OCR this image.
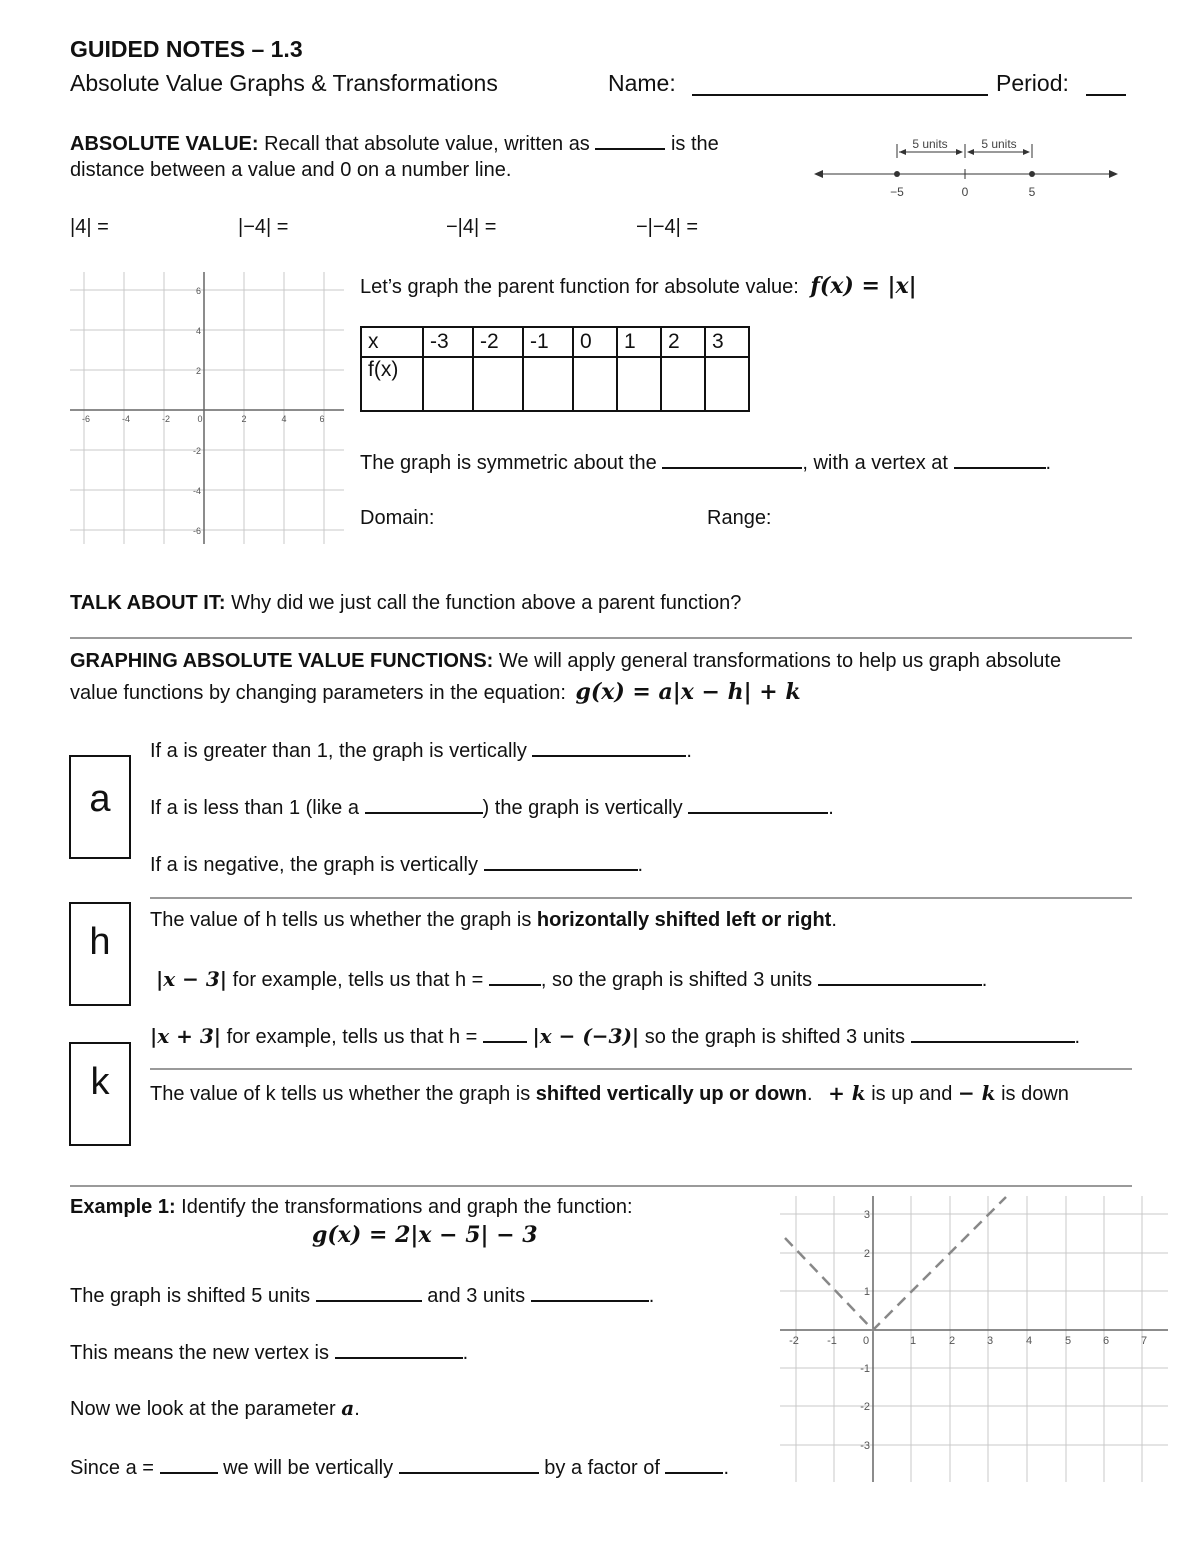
GUIDED NOTES – 1.3
Absolute Value Graphs & Transformations	Name:	Period:
ABSOLUTE VALUE: Recall that absolute value, written as	is the
distance between a value and 0 on a number line.
5 units	5 units
−5	0	5
|4| =	|−4| =	−|4| =	−|−4| =
-6	-4	-2	0	2	4	6
6
4
2
-2
-4
-6
Let’s graph the parent function for absolute value: f(x) = |x|
x	-3	-2	-1	0	1	2	3
f(x)							
The graph is symmetric about the	, with a vertex at	.
Domain:	Range:
TALK ABOUT IT: Why did we just call the function above a parent function?
GRAPHING ABSOLUTE VALUE FUNCTIONS: We will apply general transformations to help us graph absolute
value functions by changing parameters in the equation: g(x) = a|x − h| + k
a
If a is greater than 1, the graph is vertically	.
If a is less than 1 (like a	) the graph is vertically	.
If a is negative, the graph is vertically	.
h
The value of h tells us whether the graph is horizontally shifted left or right.
|x − 3| for example, tells us that h =	, so the graph is shifted 3 units	.
|x + 3| for example, tells us that h =	|x − (−3)| so the graph is shifted 3 units	.
k	The value of k tells us whether the graph is shifted vertically up or down. + k is up and − k is down
Example 1: Identify the transformations and graph the function:
g(x) = 2|x − 5| − 3
The graph is shifted 5 units	and 3 units	.
This means the new vertex is	.
Now we look at the parameter a.
Since a =	we will be vertically	by a factor of	.
-2	-1 0	1	2	3	4	5	6	7
3
2
1
-1
-2
-3
